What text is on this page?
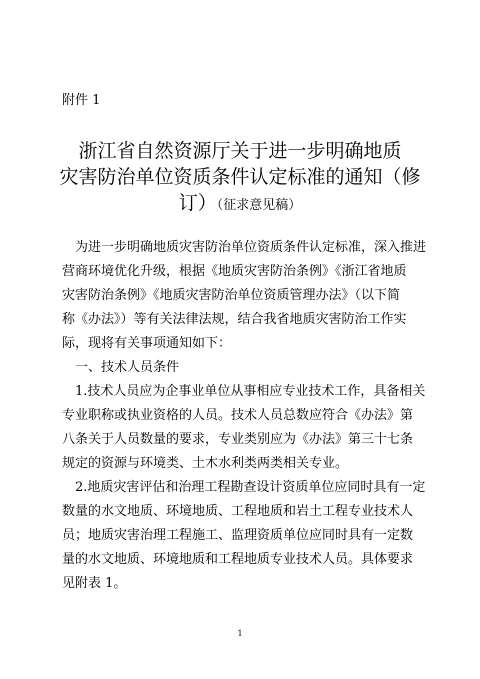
附件 1
浙江省自然资源厅关于进一步明确地质
灾害防治单位资质条件认定标准的通知（修
订）（征求意见稿）
　为进一步明确地质灾害防治单位资质条件认定标准，深入推进
营商环境优化升级，根据《地质灾害防治条例》《浙江省地质
灾害防治条例》《地质灾害防治单位资质管理办法》（以下简
称《办法》）等有关法律法规，结合我省地质灾害防治工作实
际，现将有关事项通知如下：
　一、技术人员条件
　1.技术人员应为企事业单位从事相应专业技术工作，具备相关
专业职称或执业资格的人员。技术人员总数应符合《办法》第
八条关于人员数量的要求，专业类别应为《办法》第三十七条
规定的资源与环境类、土木水利类两类相关专业。
　2.地质灾害评估和治理工程勘查设计资质单位应同时具有一定
数量的水文地质、环境地质、工程地质和岩土工程专业技术人
员；地质灾害治理工程施工、监理资质单位应同时具有一定数
量的水文地质、环境地质和工程地质专业技术人员。具体要求
见附表 1。
1
